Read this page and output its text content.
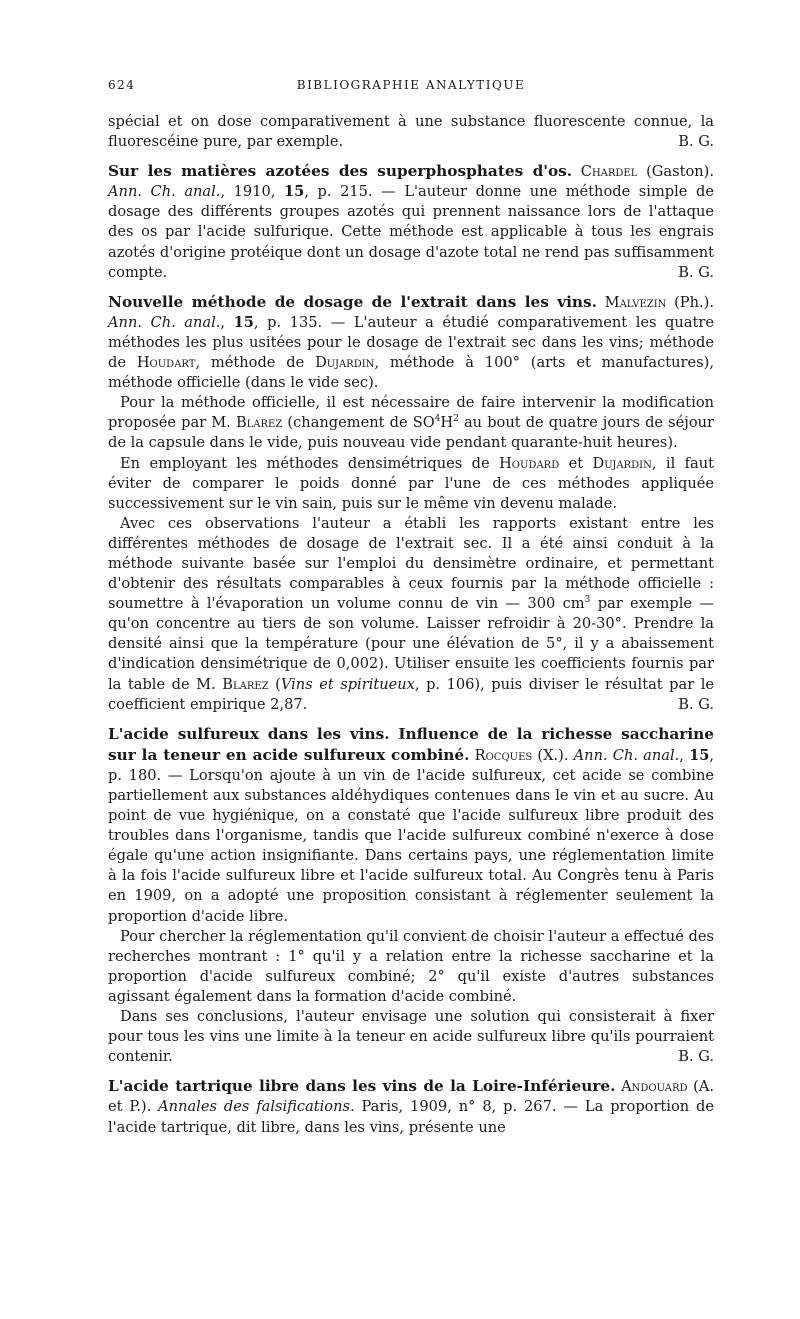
624	BIBLIOGRAPHIE ANALYTIQUE

spécial et on dose comparativement à une substance fluorescente connue, la fluorescéine pure, par exemple.	B. G.

Sur les matières azotées des superphosphates d'os. Chardel (Gaston). Ann. Ch. anal., 1910, 15, p. 215. — L'auteur donne une méthode simple de dosage des différents groupes azotés qui prennent naissance lors de l'attaque des os par l'acide sulfurique. Cette méthode est applicable à tous les engrais azotés d'origine protéique dont un dosage d'azote total ne rend pas suffisamment compte.	B. G.

Nouvelle méthode de dosage de l'extrait dans les vins. Malvezin (Ph.). Ann. Ch. anal., 15, p. 135. — L'auteur a étudié comparativement les quatre méthodes les plus usitées pour le dosage de l'extrait sec dans les vins; méthode de Houdart, méthode de Dujardin, méthode à 100° (arts et manufactures), méthode officielle (dans le vide sec).

Pour la méthode officielle, il est nécessaire de faire intervenir la modification proposée par M. Blarez (changement de $SO^4H^2$ au bout de quatre jours de séjour de la capsule dans le vide, puis nouveau vide pendant quarante-huit heures).

En employant les méthodes densimétriques de Houdard et Dujardin, il faut éviter de comparer le poids donné par l'une de ces méthodes appliquée successivement sur le vin sain, puis sur le même vin devenu malade.

Avec ces observations l'auteur a établi les rapports existant entre les différentes méthodes de dosage de l'extrait sec. Il a été ainsi conduit à la méthode suivante basée sur l'emploi du densimètre ordinaire, et permettant d'obtenir des résultats comparables à ceux fournis par la méthode officielle : soumettre à l'évaporation un volume connu de vin — 300 $cm^3$ par exemple — qu'on concentre au tiers de son volume. Laisser refroidir à 20-30°. Prendre la densité ainsi que la température (pour une élévation de 5°, il y a abaissement d'indication densimétrique de 0,002). Utiliser ensuite les coefficients fournis par la table de M. Blarez (Vins et spiritueux, p. 106), puis diviser le résultat par le coefficient empirique 2,87.	B. G.

L'acide sulfureux dans les vins. Influence de la richesse saccharine sur la teneur en acide sulfureux combiné. Rocques (X.). Ann. Ch. anal., 15, p. 180. — Lorsqu'on ajoute à un vin de l'acide sulfureux, cet acide se combine partiellement aux substances aldéhydiques contenues dans le vin et au sucre. Au point de vue hygiénique, on a constaté que l'acide sulfureux libre produit des troubles dans l'organisme, tandis que l'acide sulfureux combiné n'exerce à dose égale qu'une action insignifiante. Dans certains pays, une réglementation limite à la fois l'acide sulfureux libre et l'acide sulfureux total. Au Congrès tenu à Paris en 1909, on a adopté une proposition consistant à réglementer seulement la proportion d'acide libre.

Pour chercher la réglementation qu'il convient de choisir l'auteur a effectué des recherches montrant : 1° qu'il y a relation entre la richesse saccharine et la proportion d'acide sulfureux combiné; 2° qu'il existe d'autres substances agissant également dans la formation d'acide combiné.

Dans ses conclusions, l'auteur envisage une solution qui consisterait à fixer pour tous les vins une limite à la teneur en acide sulfureux libre qu'ils pourraient contenir.	B. G.

L'acide tartrique libre dans les vins de la Loire-Inférieure. Andouard (A. et P.). Annales des falsifications. Paris, 1909, n° 8, p. 267. — La proportion de l'acide tartrique, dit libre, dans les vins, présente une
